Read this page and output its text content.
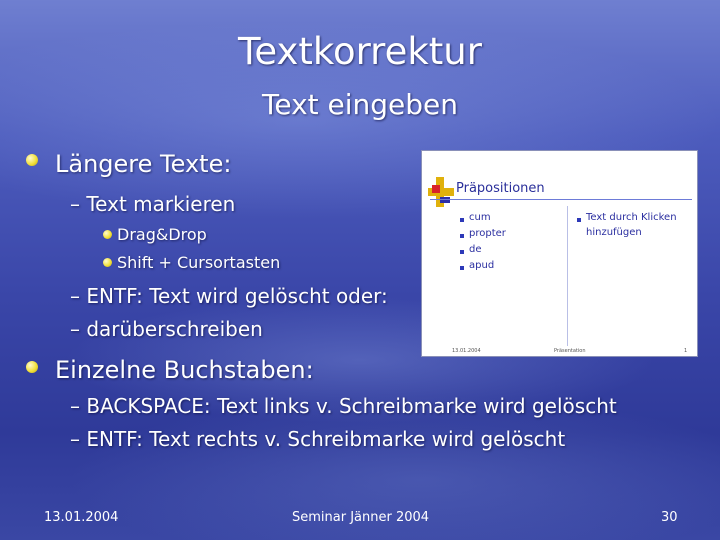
Textkorrektur
Text eingeben
Längere Texte:
– Text markieren
Drag&Drop
Shift + Cursortasten
– ENTF: Text wird gelöscht oder:
– darüberschreiben
Einzelne Buchstaben:
– BACKSPACE: Text links v. Schreibmarke wird gelöscht
– ENTF: Text rechts v. Schreibmarke wird gelöscht
Präpositionen
cum
propter
de
apud
Text durch Klicken
hinzufügen
13.01.2004	Präsentation	1
13.01.2004	Seminar Jänner 2004	30
